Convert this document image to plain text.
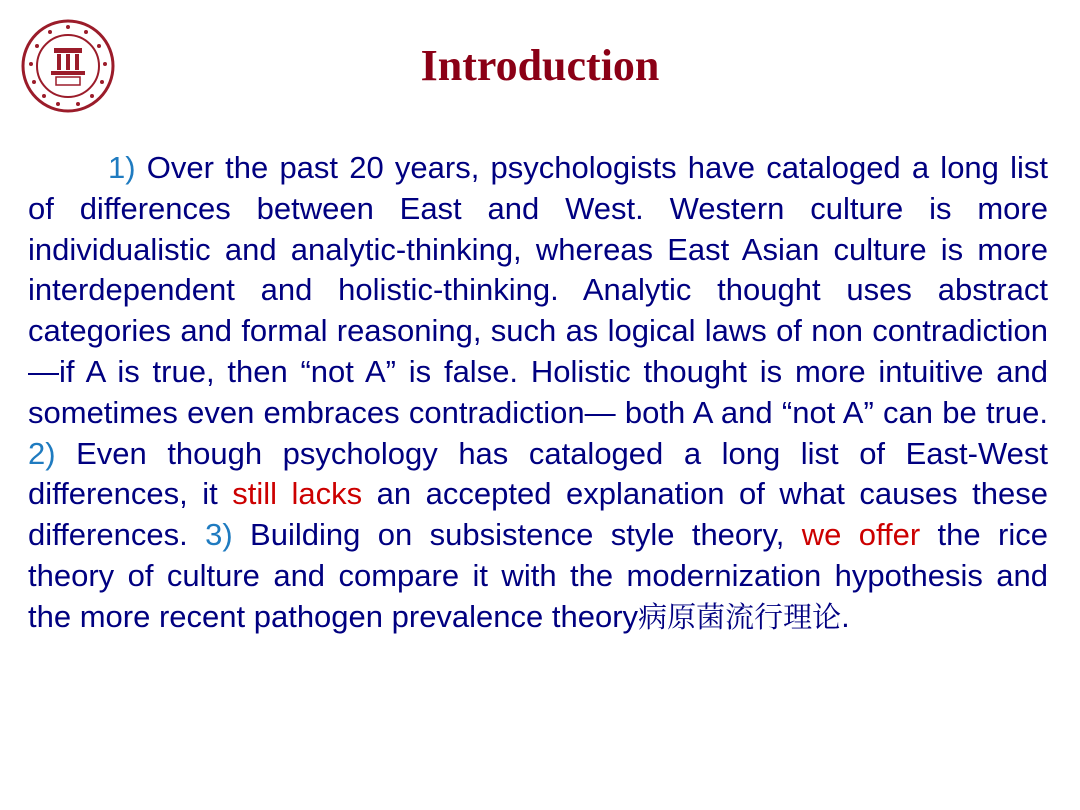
Introduction

1) Over the past 20 years, psychologists have cataloged a long list of differences between East and West. Western culture is more individualistic and analytic-thinking, whereas East Asian culture is more interdependent and holistic-thinking. Analytic thought uses abstract categories and formal reasoning, such as logical laws of non contradiction —if A is true, then “not A” is false. Holistic thought is more intuitive and sometimes even embraces contradiction— both A and “not A” can be true. 2) Even though psychology has cataloged a long list of East-West differences, it still lacks an accepted explanation of what causes these differences. 3) Building on subsistence style theory, we offer the rice theory of culture and compare it with the modernization hypothesis and the more recent pathogen prevalence theory病原菌流行理论.
